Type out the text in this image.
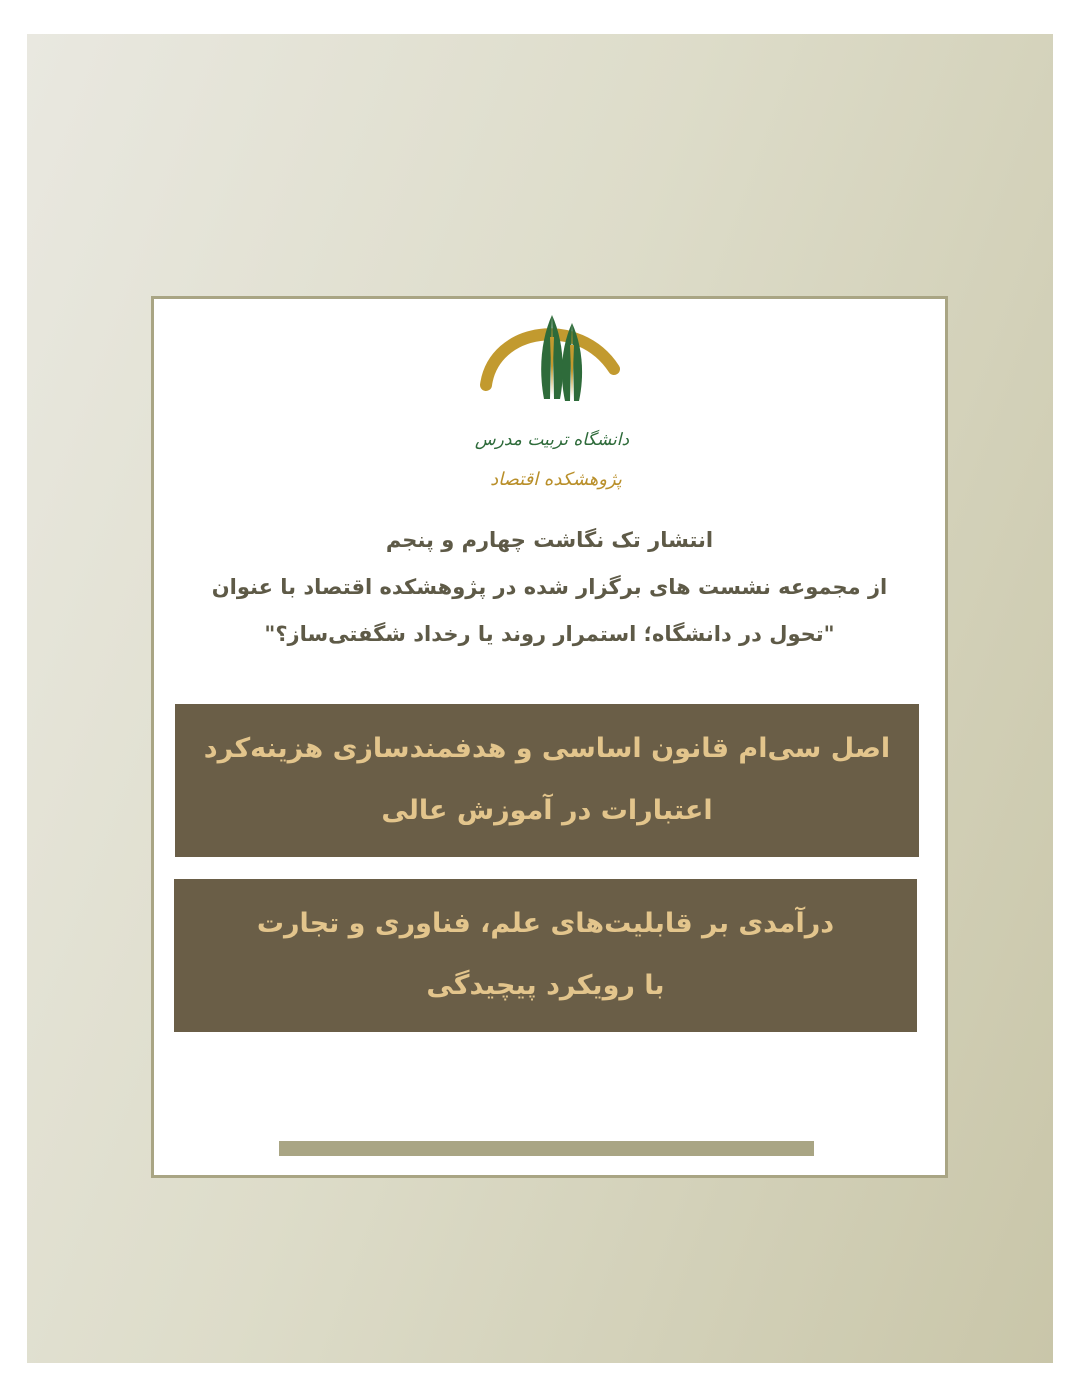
دانشگاه تربیت مدرس
پژوهشکده اقتصاد
انتشار تک نگاشت چهارم و پنجم
از مجموعه نشست های برگزار شده در پژوهشکده اقتصاد با عنوان
"تحول در دانشگاه؛ استمرار روند یا رخداد شگفتی‌ساز؟"
اصل سی‌ام قانون اساسی و هدفمندسازی هزینه‌کرد
اعتبارات در آموزش عالی
درآمدی بر قابلیت‌های علم، فناوری و تجارت
با رویکرد پیچیدگی
